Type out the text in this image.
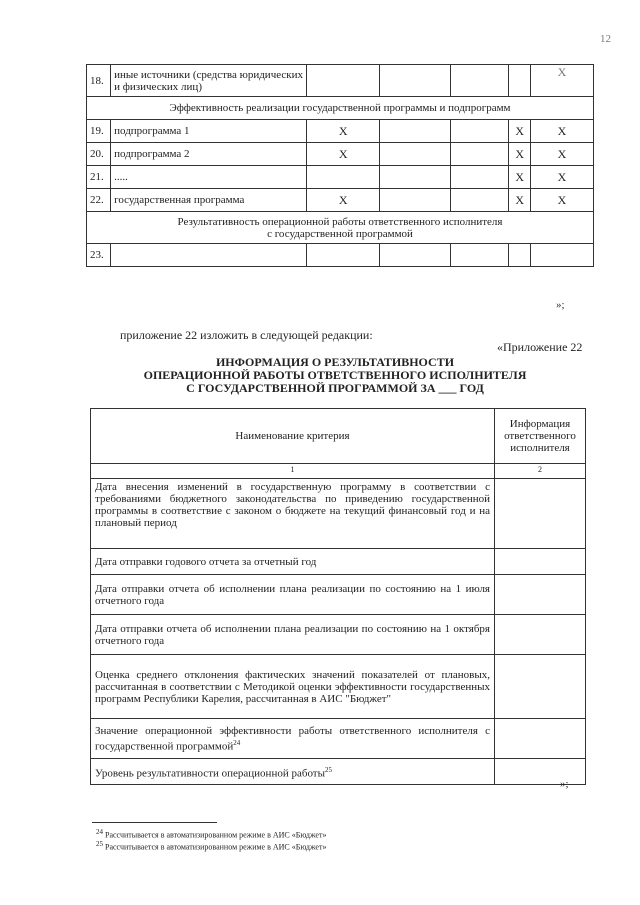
12
18.	иные источники (средства юридических и физических лиц)					X
Эффективность реализации государственной программы и подпрограмм						
19.	подпрограмма 1	X			X	X
20.	подпрограмма 2	X			X	X
21.	.....				X	X
22.	государственная программа	X			X	X
Результативность операционной работы ответственного исполнителя
с государственной программой						
23.						
»;
приложение 22 изложить в следующей редакции:
«Приложение 22
ИНФОРМАЦИЯ О РЕЗУЛЬТАТИВНОСТИ
ОПЕРАЦИОННОЙ РАБОТЫ ОТВЕТСТВЕННОГО ИСПОЛНИТЕЛЯ
С ГОСУДАРСТВЕННОЙ ПРОГРАММОЙ ЗА ___ ГОД
Наименование критерия	Информация ответственного исполнителя
1	2
Дата внесения изменений в государственную программу в соответствии с требованиями бюджетного законодательства по приведению государственной программы в соответствие с законом о бюджете на текущий финансовый год и на плановый период	
Дата отправки годового отчета за отчетный год	
Дата отправки отчета об исполнении плана реализации по состоянию на 1 июля отчетного года	
Дата отправки отчета об исполнении плана реализации по состоянию на 1 октября отчетного года	
Оценка среднего отклонения фактических значений показателей от плановых, рассчитанная в соответствии с Методикой оценки эффективности государственных программ Республики Карелия, рассчитанная в АИС "Бюджет"	
Значение операционной эффективности работы ответственного исполнителя с государственной программой$^{24}$	
Уровень результативности операционной работы$^{25}$	
»;
$^{24}$ Рассчитывается в автоматизированном режиме в АИС «Бюджет»
$^{25}$ Рассчитывается в автоматизированном режиме в АИС «Бюджет»
